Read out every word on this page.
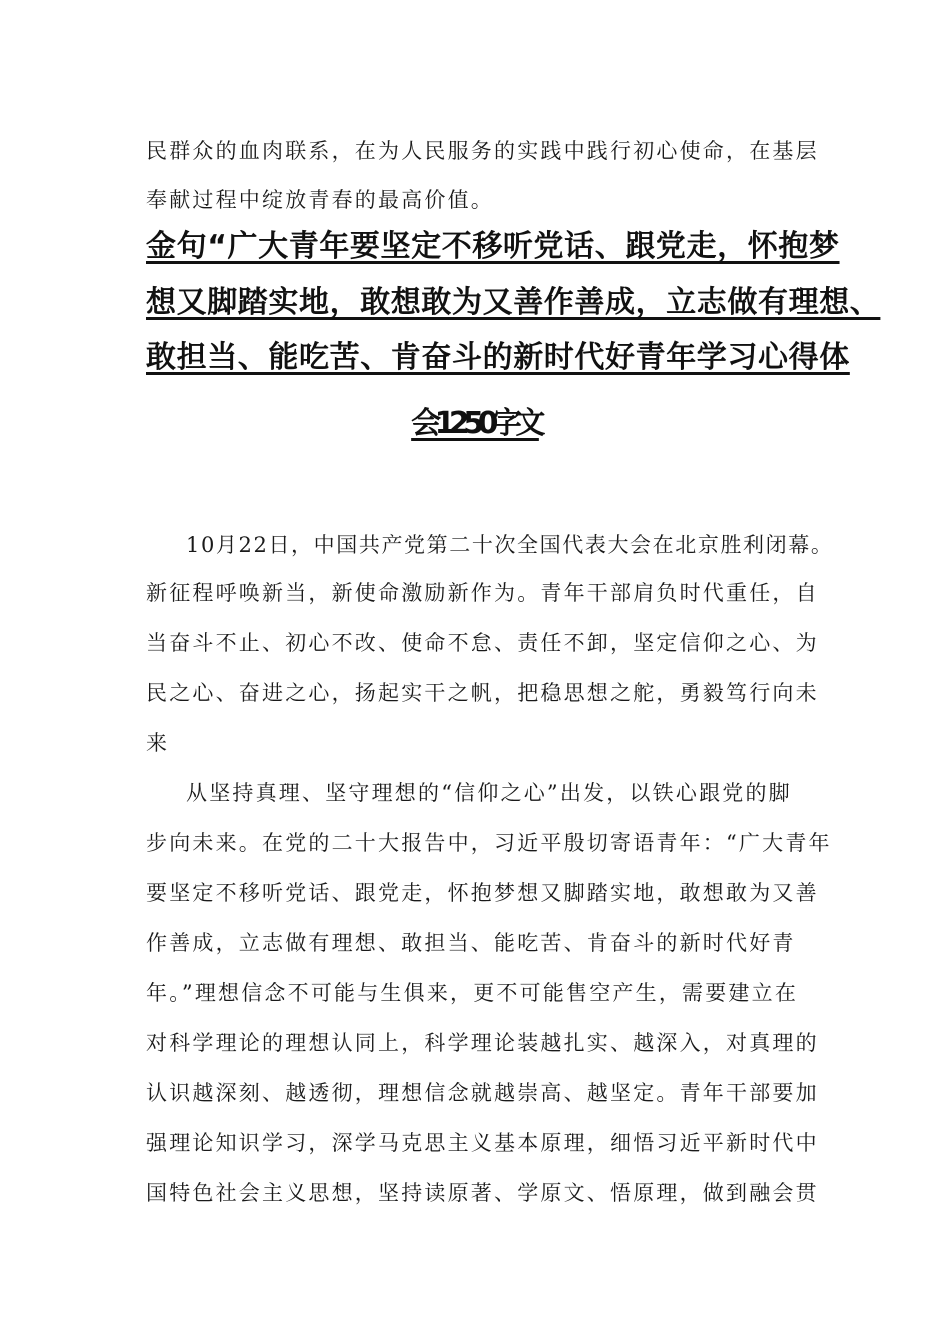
民群众的血肉联系，在为人民服务的实践中践行初心使命，在基层
奉献过程中绽放青春的最高价值。
金句“广大青年要坚定不移听党话、跟党走，怀抱梦
想又脚踏实地，敢想敢为又善作善成，立志做有理想、
敢担当、能吃苦、肯奋斗的新时代好青年学习心得体
会1250字文
10月22日，中国共产党第二十次全国代表大会在北京胜利闭幕。
新征程呼唤新当，新使命激励新作为。青年干部肩负时代重任，自
当奋斗不止、初心不改、使命不怠、责任不卸，坚定信仰之心、为
民之心、奋进之心，扬起实干之帆，把稳思想之舵，勇毅笃行向未
来
从坚持真理、坚守理想的“信仰之心”出发，以铁心跟党的脚
步向未来。在党的二十大报告中，习近平殷切寄语青年：“广大青年
要坚定不移听党话、跟党走，怀抱梦想又脚踏实地，敢想敢为又善
作善成，立志做有理想、敢担当、能吃苦、肯奋斗的新时代好青
年。”理想信念不可能与生俱来，更不可能售空产生，需要建立在
对科学理论的理想认同上，科学理论装越扎实、越深入，对真理的
认识越深刻、越透彻，理想信念就越崇高、越坚定。青年干部要加
强理论知识学习，深学马克思主义基本原理，细悟习近平新时代中
国特色社会主义思想，坚持读原著、学原文、悟原理，做到融会贯
